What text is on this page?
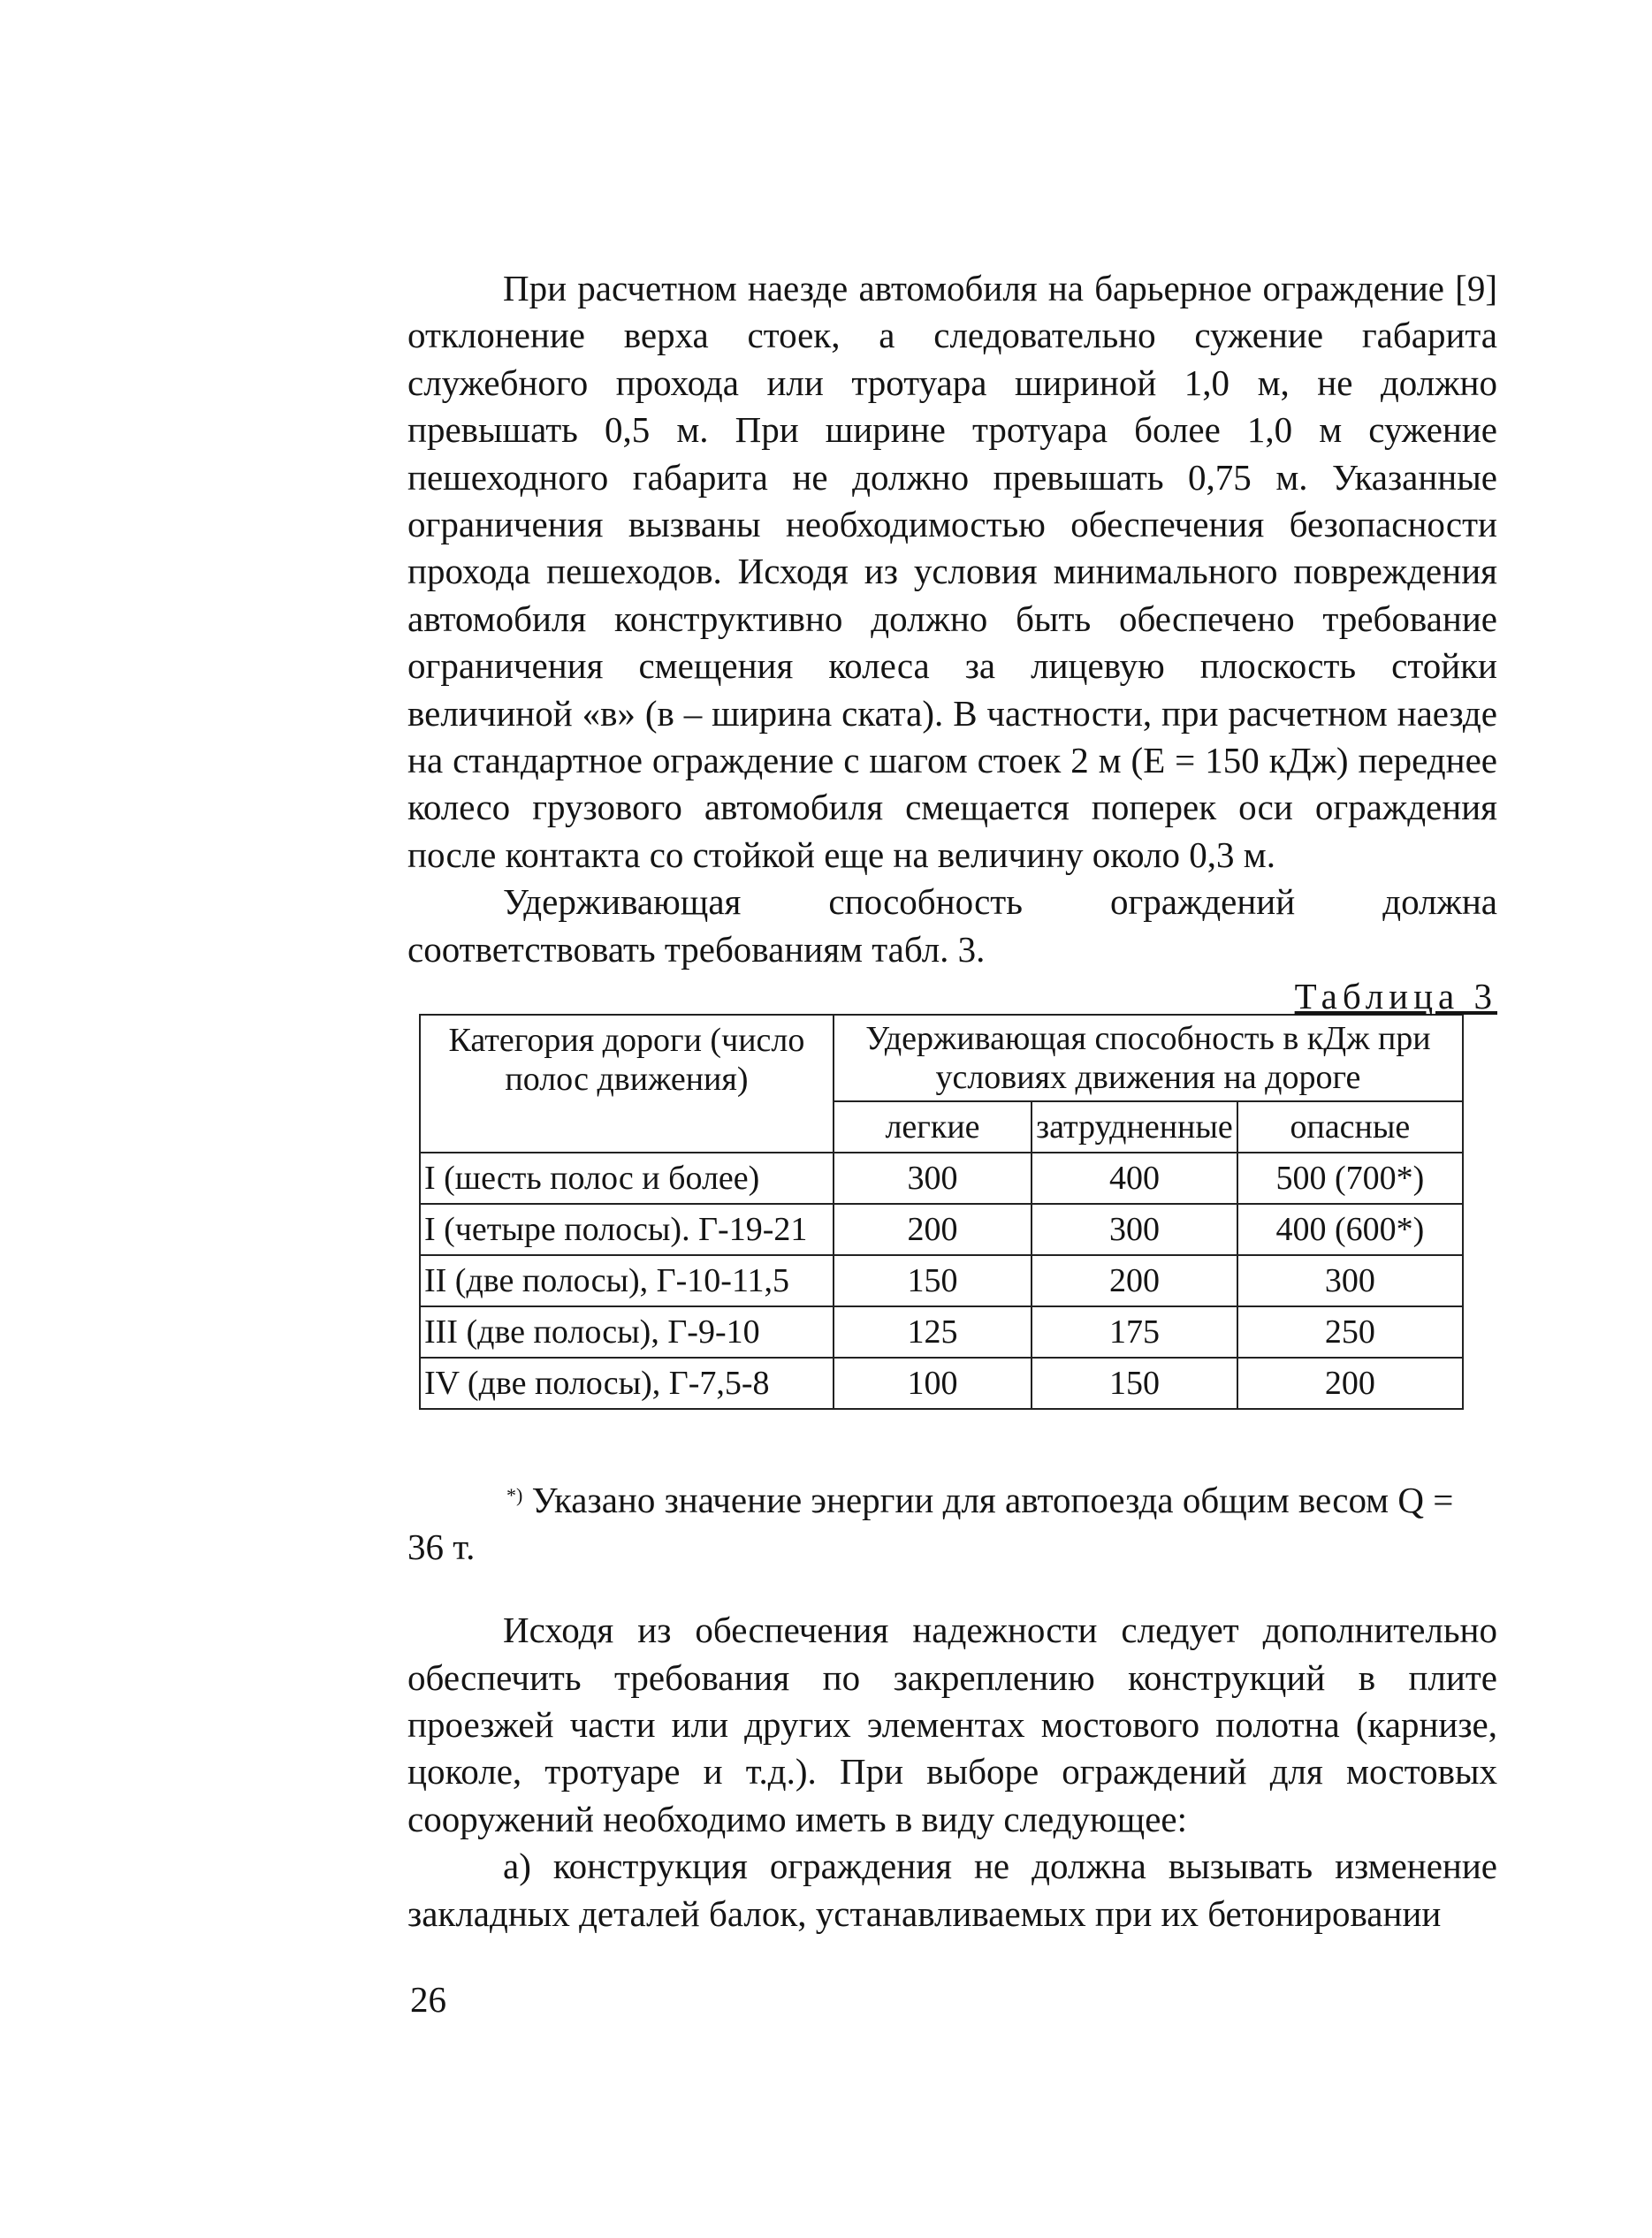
При расчетном наезде автомобиля на барьерное ограждение [9] отклонение верха стоек, а следовательно сужение габарита служебного прохода или тротуара шириной 1,0 м, не должно превышать 0,5 м. При ширине тротуара более 1,0 м сужение пешеходного габарита не должно превышать 0,75 м. Указанные ограничения вызваны необходимостью обеспечения безопасности прохода пешеходов. Исходя из условия минимального повреждения автомобиля конструктивно должно быть обеспечено требование ограничения смещения колеса за лицевую плоскость стойки величиной «в» (в – ширина ската). В частности, при расчетном наезде на стандартное ограждение с шагом стоек 2 м (Е = 150 кДж) переднее колесо грузового автомобиля смещается поперек оси ограждения после контакта со стойкой еще на величину около 0,3 м.

Удерживающая способность ограждений должна соответствовать требованиям табл. 3.

Таблица 3
Категория дороги (число полос движения)	Удерживающая способность в кДж при условиях движения на дороге		
	легкие	затрудненные	опасные
I (шесть полос и более)	300	400	500 (700*)
I (четыре полосы). Г-19-21	200	300	400 (600*)
II (две полосы), Г-10-11,5	150	200	300
III (две полосы), Г-9-10	125	175	250
IV (две полосы), Г-7,5-8	100	150	200

*) Указано значение энергии для автопоезда общим весом Q = 36 т.

Исходя из обеспечения надежности следует дополнительно обеспечить требования по закреплению конструкций в плите проезжей части или других элементах мостового полотна (карнизе, цоколе, тротуаре и т.д.). При выборе ограждений для мостовых сооружений необходимо иметь в виду следующее:

а) конструкция ограждения не должна вызывать изменение закладных деталей балок, устанавливаемых при их бетонировании

26
